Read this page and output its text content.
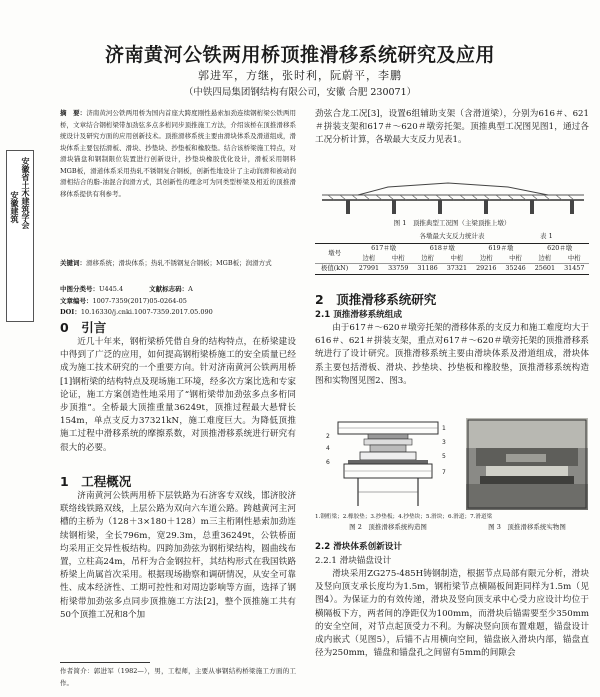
济南黄河公铁两用桥顶推滑移系统研究及应用
郭进军，方继，张时利，阮蔚平，李鹏
（中铁四局集团钢结构有限公司，安徽 合肥 230071）
安徽省土木建筑学会
安徽建筑
摘　要：济南黄河公铁两用桥为国内首座大跨度刚性悬索加劲连续钢桁梁公铁两用桥，文章结合钢桁梁带加劲弦多点多桁同步顶推施工方法，介绍该桥在顶推滑移系统设计及研究方面的应用创新技术。顶推滑移系统主要由滑块体系及滑道组成，滑块体系主要包括滑板、滑块、抄垫块、抄垫板和橡胶垫。结合该桥梁施工特点，对滑块锚盘和钢制限位装置进行创新设计，抄垫块橡胶优化设计，滑板采用钢料MGB板，滑道体系采用热轧不锈钢复合钢板，创新性地设计了主动润滑和被动润滑相结合的脂-油混合润滑方式，其创新性的理念可为同类型桥梁及相近的顶推滑移体系提供有利参考。
关键词：滑移系统；滑块体系；热轧不锈钢复合钢板；MGB板；润滑方式
中图分类号：U445.4　　　　	文献标志码：A
文章编号：1007-7359(2017)05-0264-05
DOI：10.16330/j.cnki.1007-7359.2017.05.090
0　引言

近几十年来，钢桁梁桥凭借自身的结构特点，在桥梁建设中得到了广泛的应用，如何提高钢桁梁桥施工的安全质量已经成为施工技术研究的一个重要方向。针对济南黄河公铁两用桥[1]钢桁梁的结构特点及现场施工环境，经多次方案比选和专家论证，施工方案创造性地采用了“钢桁梁带加劲弦多点多桁同步顶推”。全桥最大顶推重量36249t，顶推过程最大悬臂长154m，单点支反力37321kN，施工难度巨大。为降低顶推施工过程中滑移系统的摩擦系数，对顶推滑移系统进行研究有很大的必要。

1　工程概况

济南黄河公铁两用桥下层铁路为石济客专双线，邯济胶济联络线铁路双线，上层公路为双向六车道公路。跨越黄河主河槽的主桥为（128＋3×180＋128）m三主桁刚性悬索加劲连续钢桁梁，全长796m，宽29.3m，总重36249t，公铁桥面均采用正交异性板结构。四跨加劲弦为钢桁梁结构，圆曲线布置，立柱高24m，吊杆为合金钢拉杆，其结构形式在我国铁路桥梁上尚属首次采用。根据现场勘察和调研情况，从安全可靠性、成本经济性、工期可控性和对周边影响等方面，选择了钢桁梁带加劲弦多点同步顶推施工方法[2]，整个顶推施工共有50个顶推工况和8个加

作者简介：郭进军（1982—），男，工程师，主要从事钢结构桥梁施工方面的工作。

劲弦合龙工况[3]，设置6组辅助支架（含滑道梁），分别为616＃、621＃拼装支架和617＃～620＃墩旁托架。顶推典型工况图见图1，通过各工况分析计算，各墩最大支反力见表1。

图 1　顶推典型工况图（主梁顶推上墩）
各墩最大支反力统计表	表 1
墩号	617＃墩		618＃墩		619＃墩		620＃墩	
	边桁	中桁	边桁	中桁	边桁	中桁	边桁	中桁
极值(kN)	27991	33759	31186	37321	29216	35246	25601	31457
2　顶推滑移系统研究
2.1 顶推滑移系统组成

由于617＃～620＃墩旁托架的滑移体系的支反力和施工难度均大于616＃、621＃拼装支架，重点对617＃～620＃墩旁托架的顶推滑移系统进行了设计研究。顶推滑移系统主要由滑块体系及滑道组成，滑块体系主要包括滑板、滑块、抄垫块、抄垫板和橡胶垫，顶推滑移系统构造图和实物图见图2、图3。

1
2
3
4
5
6
7
1.钢桁梁；2.橡胶垫；3.抄垫板；4.抄垫块；5.滑块；6.滑道；7.滑道梁
图 2　顶推滑移系统构造图	图 3　顶推滑移系统实物图
2.2 滑块体系创新设计
2.2.1 滑块锚盘设计

滑块采用ZG275-485H铸钢制造，根据节点局部有限元分析，滑块及竖向顶支承长度均为1.5m，钢桁梁节点横隔板间距同样为1.5m（见图4）。为保证力的有效传递，滑块及竖向顶支承中心受力应设计均位于横隔板下方，两者间的净距仅为100mm，而滑块后锚需要至少350mm的安全空间，对节点起顶受力不利。为解决竖向顶布置难题，锚盘设计成内嵌式（见图5），后锚不占用横向空间，锚盘嵌入滑块内部，锚盘直径为250mm，锚盘和锚盘孔之间留有5mm的间隙会
